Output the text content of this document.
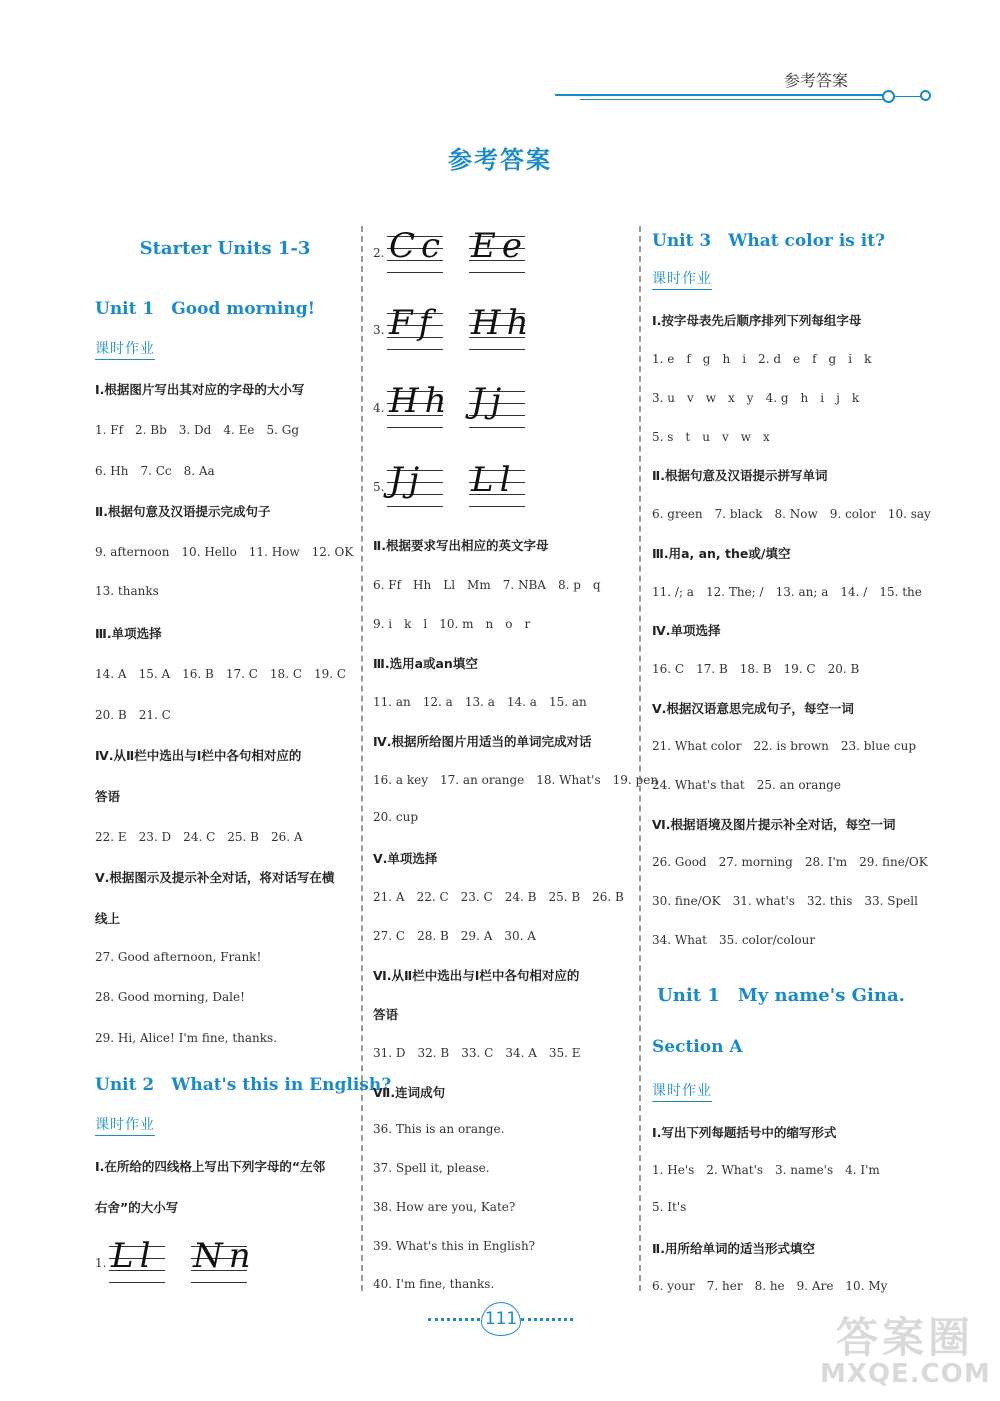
参考答案
参考答案
Starter Units 1-3
Unit 1　Good morning!
课时作业
Ⅰ.根据图片写出其对应的字母的大小写
1. Ff　2. Bb　3. Dd　4. Ee　5. Gg
6. Hh　7. Cc　8. Aa
Ⅱ.根据句意及汉语提示完成句子
9. afternoon　10. Hello　11. How　12. OK
13. thanks
Ⅲ.单项选择
14. A　15. A　16. B　17. C　18. C　19. C
20. B　21. C
Ⅳ.从Ⅱ栏中选出与Ⅰ栏中各句相对应的
答语
22. E　23. D　24. C　25. B　26. A
Ⅴ.根据图示及提示补全对话，将对话写在横
线上
27. Good afternoon, Frank!
28. Good morning, Dale!
29. Hi, Alice! I'm fine, thanks.
Unit 2　What's this in English?
课时作业
Ⅰ.在所给的四线格上写出下列字母的“左邻
右舍”的大小写
1. Ll Nn
2. Cc Ee
3. Ff Hh
4. Hh Jj
5. Jj Ll
Ⅱ.根据要求写出相应的英文字母
6. Ff　Hh　Ll　Mm　7. NBA　8. p　q
9. i　k　l　10. m　n　o　r
Ⅲ.选用a或an填空
11. an　12. a　13. a　14. a　15. an
Ⅳ.根据所给图片用适当的单词完成对话
16. a key　17. an orange　18. What's　19. pen
20. cup
Ⅴ.单项选择
21. A　22. C　23. C　24. B　25. B　26. B
27. C　28. B　29. A　30. A
Ⅵ.从Ⅱ栏中选出与Ⅰ栏中各句相对应的
答语
31. D　32. B　33. C　34. A　35. E
Ⅶ.连词成句
36. This is an orange.
37. Spell it, please.
38. How are you, Kate?
39. What's this in English?
40. I'm fine, thanks.
Unit 3　What color is it?
课时作业
Ⅰ.按字母表先后顺序排列下列每组字母
1. e　f　g　h　i　2. d　e　f　g　i　k
3. u　v　w　x　y　4. g　h　i　j　k
5. s　t　u　v　w　x
Ⅱ.根据句意及汉语提示拼写单词
6. green　7. black　8. Now　9. color　10. say
Ⅲ.用a, an, the或/填空
11. /; a　12. The; /　13. an; a　14. /　15. the
Ⅳ.单项选择
16. C　17. B　18. B　19. C　20. B
Ⅴ.根据汉语意思完成句子，每空一词
21. What color　22. is brown　23. blue cup
24. What's that　25. an orange
Ⅵ.根据语境及图片提示补全对话，每空一词
26. Good　27. morning　28. I'm　29. fine/OK
30. fine/OK　31. what's　32. this　33. Spell
34. What　35. color/colour
Unit 1　My name's Gina.
Section A
课时作业
Ⅰ.写出下列每题括号中的缩写形式
1. He's　2. What's　3. name's　4. I'm
5. It's
Ⅱ.用所给单词的适当形式填空
6. your　7. her　8. he　9. Are　10. My
111	答案圈
MXQE.COM
